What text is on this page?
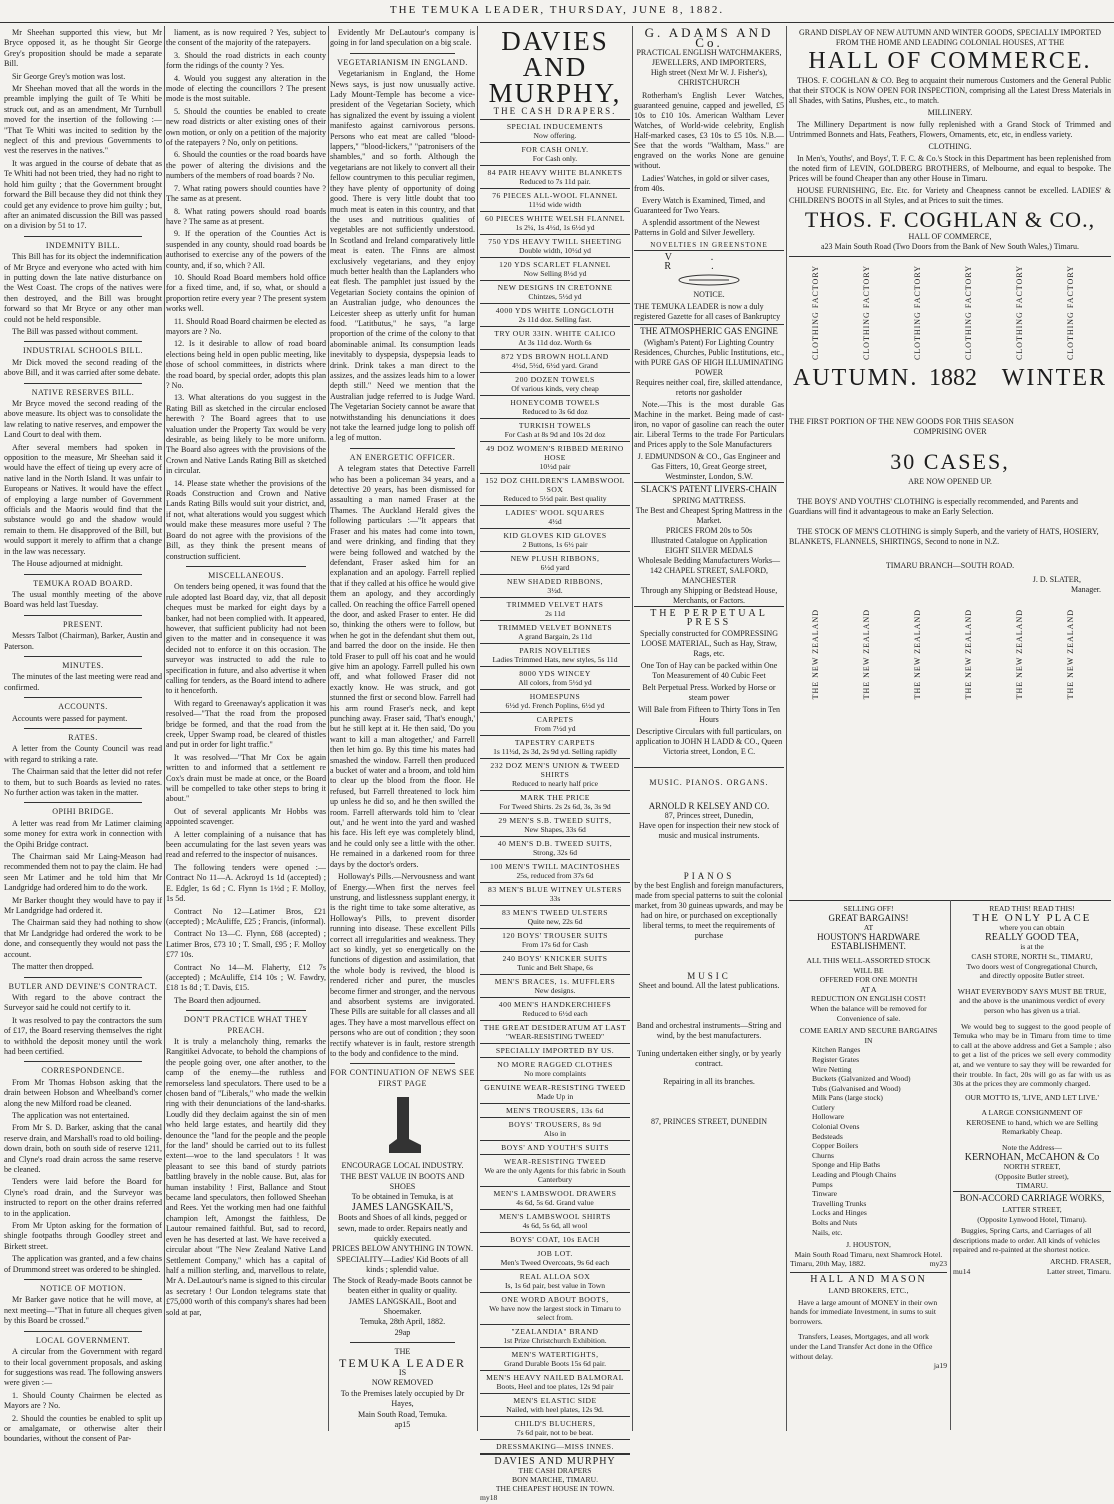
THE TEMUKA LEADER, THURSDAY, JUNE 8, 1882.

Mr Sheehan supported this view, but Mr Bryce opposed it, as he thought Sir George Grey's proposition should be made a separate Bill.

Sir George Grey's motion was lost.

Mr Sheehan moved that all the words in the preamble implying the guilt of Te Whiti be struck out, and as an amendment, Mr Turnbull moved for the insertion of the following :— "That Te Whiti was incited to sedition by the neglect of this and previous Governments to vest the reserves in the natives."

It was argued in the course of debate that as Te Whiti had not been tried, they had no right to hold him guilty ; that the Government brought forward the Bill because they did not think they could get any evidence to prove him guilty ; but, after an animated discussion the Bill was passed on a division by 51 to 17.

INDEMNITY BILL.

This Bill has for its object the indemnification of Mr Bryce and everyone who acted with him in putting down the late native disturbance on the West Coast. The crops of the natives were then destroyed, and the Bill was brought forward so that Mr Bryce or any other man could not be held responsible.

The Bill was passed without comment.

INDUSTRIAL SCHOOLS BILL.

Mr Dick moved the second reading of the above Bill, and it was carried after some debate.

NATIVE RESERVES BILL.

Mr Bryce moved the second reading of the above measure. Its object was to consolidate the law relating to native reserves, and empower the Land Court to deal with them.

After several members had spoken in opposition to the measure, Mr Sheehan said it would have the effect of tieing up every acre of native land in the North Island. It was unfair to Europeans or Natives. It would have the effect of employing a large number of Government officials and the Maoris would find that the substance would go and the shadow would remain to them. He disapproved of the Bill, but would support it merely to affirm that a change in the law was necessary.

The House adjourned at midnight.

TEMUKA ROAD BOARD.

The usual monthly meeting of the above Board was held last Tuesday.

PRESENT.

Messrs Talbot (Chairman), Barker, Austin and Paterson.

MINUTES.

The minutes of the last meeting were read and confirmed.

ACCOUNTS.

Accounts were passed for payment.

RATES.

A letter from the County Council was read with regard to striking a rate.

The Chairman said that the letter did not refer to them, but to such Boards as levied no rates. No further action was taken in the matter.

OPIHI BRIDGE.

A letter was read from Mr Latimer claiming some money for extra work in connection with the Opihi Bridge contract.

The Chairman said Mr Laing-Meason had recommended them not to pay the claim. He had seen Mr Latimer and he told him that Mr Landgridge had ordered him to do the work.

Mr Barker thought they would have to pay if Mr Landgridge had ordered it.

The Chairman said they had nothing to show that Mr Landgridge had ordered the work to be done, and consequently they would not pass the account.

The matter then dropped.

BUTLER AND DEVINE'S CONTRACT.

With regard to the above contract the Surveyor said he could not certify to it.

It was resolved to pay the contractors the sum of £17, the Board reserving themselves the right to withhold the deposit money until the work had been certified.

CORRESPONDENCE.

From Mr Thomas Hobson asking that the drain between Hobson and Wheelband's corner along the new Milford road be cleaned.

The application was not entertained.

From Mr S. D. Barker, asking that the canal reserve drain, and Marshall's road to old boiling-down drain, both on south side of reserve 1211, and Clyne's road drain across the same reserve be cleaned.

Tenders were laid before the Board for Clyne's road drain, and the Surveyor was instructed to report on the other drains referred to in the application.

From Mr Upton asking for the formation of shingle footpaths through Goodley street and Birkett street.

The application was granted, and a few chains of Drummond street was ordered to be shingled.

NOTICE OF MOTION.

Mr Barker gave notice that he will move, at next meeting—"That in future all cheques given by this Board be crossed."

LOCAL GOVERNMENT.

A circular from the Government with regard to their local government proposals, and asking for suggestions was read. The following answers were given :—

1. Should County Chairmen be elected as Mayors are ? No.

2. Should the counties be enabled to split up or amalgamate, or otherwise alter their boundaries, without the consent of Par-

liament, as is now required ? Yes, subject to the consent of the majority of the ratepayers.

3. Should the road districts in each county form the ridings of the county ? Yes.

4. Would you suggest any alteration in the mode of electing the councillors ? The present mode is the most suitable.

5. Should the counties be enabled to create new road districts or alter existing ones of their own motion, or only on a petition of the majority of the ratepayers ? No, only on petitions.

6. Should the counties or the road boards have the power of altering the divisions and the numbers of the members of road boards ? No.

7. What rating powers should counties have ? The same as at present.

8. What rating powers should road boards have ? The same as at present.

9. If the operation of the Counties Act is suspended in any county, should road boards be authorised to exercise any of the powers of the county, and, if so, which ? All.

10. Should Road Board members hold office for a fixed time, and, if so, what, or should a proportion retire every year ? The present system works well.

11. Should Road Board chairmen be elected as mayors are ? No.

12. Is it desirable to allow of road board elections being held in open public meeting, like those of school committees, in districts where the road board, by special order, adopts this plan ? No.

13. What alterations do you suggest in the Rating Bill as sketched in the circular enclosed herewith ? The Board agrees that to use valuation under the Property Tax would be very desirable, as being likely to be more uniform. The Board also agrees with the provisions of the Crown and Native Lands Rating Bill as sketched in circular.

14. Please state whether the provisions of the Roads Construction and Crown and Native Lands Rating Bills would suit your district, and, if not, what alterations would you suggest which would make these measures more useful ? The Board do not agree with the provisions of the Bill, as they think the present means of construction sufficient.

MISCELLANEOUS.

On tenders being opened, it was found that the rule adopted last Board day, viz, that all deposit cheques must be marked for eight days by a banker, had not been complied with. It appeared, however, that sufficient publicity had not been given to the matter and in consequence it was decided not to enforce it on this occasion. The surveyor was instructed to add the rule to specification in future, and also advertise it when calling for tenders, as the Board intend to adhere to it henceforth.

With regard to Greenaway's application it was resolved—"That the road from the proposed bridge be formed, and that the road from the creek, Upper Swamp road, be cleared of thistles and put in order for light traffic."

It was resolved—"That Mr Cox be again written to and informed that a settlement re Cox's drain must be made at once, or the Board will be compelled to take other steps to bring it about."

Out of several applicants Mr Hobbs was appointed scavenger.

A letter complaining of a nuisance that has been accumulating for the last seven years was read and referred to the inspector of nuisances.

The following tenders were opened :— Contract No 11—A. Ackroyd 1s 1d (accepted) ; E. Edgler, 1s 6d ; C. Flynn 1s 1½d ; F. Molloy, 1s 5d.

Contract No 12—Latimer Bros, £21 (accepted) ; McAuliffe, £25 ; Francis, (informal).

Contract No 13—C. Flynn, £68 (accepted) ; Latimer Bros, £73 10 ; T. Small, £95 ; F. Molloy £77 10s.

Contract No 14—M. Flaherty, £12 7s (accepted) ; McAuliffe, £14 10s ; W. Fawdry, £18 1s 8d ; T. Davis, £15.

The Board then adjourned.

DON'T PRACTICE WHAT THEY PREACH.

It is truly a melancholy thing, remarks the Rangitikei Advocate, to behold the champions of the people going over, one after another, to the camp of the enemy—the ruthless and remorseless land speculators. There used to be a chosen band of "Liberals," who made the welkin ring with their denunciations of the land-sharks. Loudly did they declaim against the sin of men who held large estates, and heartily did they denounce the "land for the people and the people for the land" should be carried out to its fullest extent—woe to the land speculators ! It was pleasant to see this band of sturdy patriots battling bravely in the noble cause. But, alas for human instability ! First, Ballance and Stout became land speculators, then followed Sheehan and Rees. Yet the working men had one faithful champion left, Amongst the faithless, De Lautour remained faithful. But, sad to record, even he has deserted at last. We have received a circular about "The New Zealand Native Land Settlement Company," which has a capital of half a million sterling, and, marvellous to relate, Mr A. DeLautour's name is signed to this circular as secretary ! Our London telegrams state that £75,000 worth of this company's shares had been sold at par,

Evidently Mr DeLautour's company is going in for land speculation on a big scale.

VEGETARIANISM IN ENGLAND.

Vegetarianism in England, the Home News says, is just now unusually active. Lady Mount-Temple has become a vice-president of the Vegetarian Society, which has signalized the event by issuing a violent manifesto against carnivorous persons. Persons who eat meat are called "blood-lappers," "blood-lickers," "patronisers of the shambles," and so forth. Although the vegetarians are not likely to convert all their fellow countrymen to this peculiar regimen, they have plenty of opportunity of doing good. There is very little doubt that too much meat is eaten in this country, and that the uses and nutritious qualities of vegetables are not sufficiently understood. In Scotland and Ireland comparatively little meat is eaten. The Finns are almost exclusively vegetarians, and they enjoy much better health than the Laplanders who eat flesh. The pamphlet just issued by the Vegetarian Society contains the opinion of an Australian judge, who denounces the Leicester sheep as utterly unfit for human food. "Latitbutus," he says, "a large proportion of the crime of the colony to that abominable animal. Its consumption leads inevitably to dyspepsia, dyspepsia leads to drink. Drink takes a man direct to the assizes, and the assizes leads him to a lower depth still." Need we mention that the Australian judge referred to is Judge Ward. The Vegetarian Society cannot be aware that notwithstanding his denunciations it does not take the learned judge long to polish off a leg of mutton.

AN ENERGETIC OFFICER.

A telegram states that Detective Farrell who has been a policeman 34 years, and a detective 20 years, has been dismissed for assaulting a man named Fraser at the Thames. The Auckland Herald gives the following particulars :—"It appears that Fraser and his mates had come into town, and were drinking, and finding that they were being followed and watched by the defendant, Fraser asked him for an explanation and an apology. Farrell replied that if they called at his office he would give them an apology, and they accordingly called. On reaching the office Farrell opened the door, and asked Fraser to enter. He did so, thinking the others were to follow, but when he got in the defendant shut them out, and barred the door on the inside. He then told Fraser to pull off his coat and he would give him an apology. Farrell pulled his own off, and what followed Fraser did not exactly know. He was struck, and got stunned the first or second blow. Farrell had his arm round Fraser's neck, and kept punching away. Fraser said, 'That's enough,' but he still kept at it. He then said, 'Do you want to kill a man altogether,' and Farrell then let him go. By this time his mates had smashed the window. Farrell then produced a bucket of water and a broom, and told him to clear up the blood from the floor. He refused, but Farrell threatened to lock him up unless he did so, and he then swilled the room. Farrell afterwards told him to 'clear out,' and he went into the yard and washed his face. His left eye was completely blind, and he could only see a little with the other. He remained in a darkened room for three days by the doctor's orders.

Holloway's Pills.—Nervousness and want of Energy.—When first the nerves feel unstrung, and listlessness supplant energy, it is the right time to take some alterative, as Holloway's Pills, to prevent disorder running into disease. These excellent Pills correct all irregularities and weakness. They act so kindly, yet so energetically on the functions of digestion and assimilation, that the whole body is revived, the blood is rendered richer and purer, the muscles become firmer and stronger, and the nervous and absorbent systems are invigorated. These Pills are suitable for all classes and all ages. They have a most marvellous effect on persons who are out of condition ; they soon rectify whatever is in fault, restore strength to the body and confidence to the mind.

FOR CONTINUATION OF NEWS SEE FIRST PAGE
ENCOURAGE LOCAL INDUSTRY.
THE BEST VALUE IN BOOTS AND SHOES
To be obtained in Temuka, is at
JAMES LANGSKAIL'S,
Boots and Shoes of all kinds, pegged or sewn, made to order. Repairs neatly and quickly executed.
PRICES BELOW ANYTHING IN TOWN.
SPECIALITY—Ladies' Kid Boots of all kinds ; splendid value.
The Stock of Ready-made Boots cannot be beaten either in quality or quality.
JAMES LANGSKAIL, Boot and Shoemaker.
Temuka, 28th April, 1882.
29ap
THE
TEMUKA LEADER
IS
NOW REMOVED
To the Premises lately occupied by Dr Hayes,
Main South Road, Temuka.
ap15
DAVIES AND
MURPHY,
THE CASH DRAPERS.
SPECIAL INDUCEMENTS
Now offering.
FOR CASH ONLY.
For Cash only.
84 PAIR HEAVY WHITE BLANKETS
Reduced to 7s 11d pair.
76 PIECES ALL-WOOL FLANNEL
11½d wide width
60 PIECES WHITE WELSH FLANNEL
1s 2¼, 1s 4½d, 1s 6½d yd
750 YDS HEAVY TWILL SHEETING
Double width, 10½d yd
120 YDS SCARLET FLANNEL
Now Selling 8½d yd
NEW DESIGNS IN CRETONNE
Chintzes, 5½d yd
4000 YDS WHITE LONGCLOTH
2s 11d doz. Selling fast.
TRY OUR 33IN. WHITE CALICO
At 3s 11d doz. Worth 6s
872 YDS BROWN HOLLAND
4½d, 5½d, 6½d yard. Grand
200 DOZEN TOWELS
Of various kinds, very cheap
HONEYCOMB TOWELS
Reduced to 3s 6d doz
TURKISH TOWELS
For Cash at 8s 9d and 10s 2d doz
49 DOZ WOMEN'S RIBBED MERINO HOSE
10½d pair
152 DOZ CHILDREN'S LAMBSWOOL SOX
Reduced to 5½d pair. Best quality
LADIES' WOOL SQUARES
4½d
KID GLOVES KID GLOVES
2 Buttons, 1s 6½ pair
NEW PLUSH RIBBONS,
6½d yard
NEW SHADED RIBBONS,
3½d.
TRIMMED VELVET HATS
2s 11d
TRIMMED VELVET BONNETS
A grand Bargain, 2s 11d
PARIS NOVELTIES
Ladies Trimmed Hats, new styles, 5s 11d
8000 YDS WINCEY
All colors, from 5½d yd
HOMESPUNS
6½d yd. French Poplins, 6½d yd
CARPETS
From 7½d yd
TAPESTRY CARPETS
1s 11½d, 2s 3d, 2s 9d yd. Selling rapidly
232 DOZ MEN'S UNION & TWEED SHIRTS
Reduced to nearly half price
MARK THE PRICE
For Tweed Shirts. 2s 2s 6d, 3s, 3s 9d
29 MEN'S S.B. TWEED SUITS,
New Shapes, 33s 6d
40 MEN'S D.B. TWEED SUITS,
Strong, 32s 6d
100 MEN'S TWILL MACINTOSHES
25s, reduced from 37s 6d
83 MEN'S BLUE WITNEY ULSTERS
33s
83 MEN'S TWEED ULSTERS
Quite new, 22s 6d
120 BOYS' TROUSER SUITS
From 17s 6d for Cash
240 BOYS' KNICKER SUITS
Tunic and Belt Shape, 6s
MEN'S BRACES, 1s. MUFFLERS
New designs.
400 MEN'S HANDKERCHIEFS
Reduced to 6½d each
THE GREAT DESIDERATUM AT LAST
"WEAR-RESISTING TWEED"
SPECIALLY IMPORTED BY US.
NO MORE RAGGED CLOTHES
No more complaints
GENUINE WEAR-RESISTING TWEED
Made Up in
MEN'S TROUSERS, 13s 6d
BOYS' TROUSERS, 8s 9d
Also in
BOYS' AND YOUTH'S SUITS
WEAR-RESISTING TWEED
We are the only Agents for this fabric in South Canterbury
MEN'S LAMBSWOOL DRAWERS
4s 6d, 5s 6d. Grand value
MEN'S LAMBSWOOL SHIRTS
4s 6d, 5s 6d, all wool
BOYS' COAT, 10s EACH
JOB LOT.
Men's Tweed Overcoats, 9s 6d each
REAL ALLOA SOX
Is, 1s 6d pair, best value in Town
ONE WORD ABOUT BOOTS,
We have now the largest stock in Timaru to select from.
"ZEALANDIA" BRAND
1st Prize Christchurch Exhibition.
MEN'S WATERTIGHTS,
Grand Durable Boots 15s 6d pair.
MEN'S HEAVY NAILED BALMORAL
Boots, Heel and toe plates, 12s 9d pair
MEN'S ELASTIC SIDE
Nailed, with heel plates, 12s 9d.
CHILD'S BLUCHERS,
7s 6d pair, not to be beat.
DRESSMAKING—MISS INNES.
DAVIES AND MURPHY
THE CASH DRAPERS
BON MARCHE, TIMARU.
THE CHEAPEST HOUSE IN TOWN.
my18
G. ADAMS AND Co.
PRACTICAL ENGLISH WATCHMAKERS, JEWELLERS, AND IMPORTERS,
High street (Next Mr W. J. Fisher's), CHRISTCHURCH

Rotherham's English Lever Watches, guaranteed genuine, capped and jewelled, £5 10s to £10 10s. American Waltham Lever Watches, of World-wide celebrity, English Half-marked cases, £3 10s to £5 10s. N.B.—See that the words "Waltham, Mass." are engraved on the works None are genuine without.

Ladies' Watches, in gold or silver cases, from 40s.

Every Watch is Examined, Timed, and Guaranteed for Two Years.

A splendid assortment of the Newest Patterns in Gold and Silver Jewellery.

NOVELTIES IN GREENSTONE
V. R.
NOTICE.

THE TEMUKA LEADER is now a duly registered Gazette for all cases of Bankruptcy

THE ATMOSPHERIC GAS ENGINE
(Wigham's Patent) For Lighting Country Residences, Churches, Public Institutions, etc., with PURE GAS OF HIGH ILLUMINATING POWER
Requires neither coal, fire, skilled attendance, retorts nor gasholder

Note.—This is the most durable Gas Machine in the market. Being made of cast-iron, no vapor of gasoline can reach the outer air. Liberal Terms to the trade For Particulars and Prices apply to the Sole Manufacturers

J. EDMUNDSON & CO., Gas Engineer and Gas Fitters, 10, Great George street, Westminster, London, S.W.
SLACK'S PATENT LIVERS-CHAIN
SPRING MATTRESS.
The Best and Cheapest Spring Mattress in the Market.
PRICES FROM 20s to 50s
Illustrated Catalogue on Application
EIGHT SILVER MEDALS
Wholesale Bedding Manufacturers Works— 142 CHAPEL STREET, SALFORD, MANCHESTER
Through any Shipping or Bedstead House, Merchants, or Factors.
THE PERPETUAL PRESS
Specially constructed for COMPRESSING LOOSE MATERIAL, Such as Hay, Straw, Rags, etc.
One Ton of Hay can be packed within One Ton Measurement of 40 Cubic Feet
Belt Perpetual Press. Worked by Horse or steam power
Will Bale from Fifteen to Thirty Tons in Ten Hours
Descriptive Circulars with full particulars, on application to JOHN H LADD & CO., Queen Victoria street, London, E C.
MUSIC. PIANOS. ORGANS.
ARNOLD R KELSEY AND CO.
87, Princes street, Dunedin,
Have open for inspection their new stock of music and musical instruments.
PIANOS
by the best English and foreign manufacturers, made from special patterns to suit the colonial market, from 30 guineas upwards, and may be had on hire, or purchased on exceptionally liberal terms, to meet the requirements of purchase
MUSIC
Sheet and bound. All the latest publications.
Band and orchestral instruments—String and wind, by the best manufacturers.
Tuning undertaken either singly, or by yearly contract.
Repairing in all its branches.
87, PRINCES STREET, DUNEDIN
GRAND DISPLAY OF NEW AUTUMN AND WINTER GOODS, SPECIALLY IMPORTED FROM THE HOME AND LEADING COLONIAL HOUSES, AT THE
HALL OF COMMERCE.

THOS. F. COGHLAN & CO. Beg to acquaint their numerous Customers and the General Public that their STOCK is NOW OPEN FOR INSPECTION, comprising all the Latest Dress Materials in all Shades, with Satins, Plushes, etc., to match.

MILLINERY.

The Millinery Department is now fully replenished with a Grand Stock of Trimmed and Untrimmed Bonnets and Hats, Feathers, Flowers, Ornaments, etc, etc, in endless variety.

CLOTHING.

In Men's, Youths', and Boys', T. F. C. & Co.'s Stock in this Department has been replenished from the noted firm of LEVIN, GOLDBERG BROTHERS, of Melbourne, and equal to bespoke. The Prices will be found Cheaper than any other House in Timaru.

HOUSE FURNISHING, Etc. Etc. for Variety and Cheapness cannot be excelled. LADIES' & CHILDREN'S BOOTS in all Styles, and at Prices to suit the times.

THOS. F. COGHLAN & CO.,
HALL OF COMMERCE,
a23 Main South Road (Two Doors from the Bank of New South Wales,) Timaru.
CLOTHING FACTORY	CLOTHING FACTORY	CLOTHING FACTORY	CLOTHING FACTORY	CLOTHING FACTORY	CLOTHING FACTORY
AUTUMN. 1882 WINTER
THE FIRST PORTION OF THE NEW GOODS FOR THIS SEASON
COMPRISING OVER
30 CASES,
ARE NOW OPENED UP.

THE BOYS' AND YOUTHS' CLOTHING is especially recommended, and Parents and Guardians will find it advantageous to make an Early Selection.

THE STOCK OF MEN'S CLOTHING is simply Superb, and the variety of HATS, HOSIERY, BLANKETS, FLANNELS, SHIRTINGS, Second to none in N.Z.

TIMARU BRANCH—SOUTH ROAD.
J. D. SLATER,
Manager.
THE NEW ZEALAND	THE NEW ZEALAND	THE NEW ZEALAND	THE NEW ZEALAND	THE NEW ZEALAND	THE NEW ZEALAND
SELLING OFF!
GREAT BARGAINS!
AT
HOUSTON'S HARDWARE ESTABLISHMENT.
ALL THIS WELL-ASSORTED STOCK
WILL BE
OFFERED FOR ONE MONTH
AT A
REDUCTION ON ENGLISH COST!
When the balance will be removed for Convenience of sale.
COME EARLY AND SECURE BARGAINS
IN
Kitchen Ranges
Register Grates
Wire Netting
Buckets (Galvanized and Wood)
Tubs (Galvanised and Wood)
Milk Pans (large stock)
Cutlery
Holloware
Colonial Ovens
Bedsteads
Copper Boilers
Churns
Sponge and Hip Baths
Leading and Plough Chains
Pumps
Tinware
Travelling Trunks
Locks and Hinges
Bolts and Nuts
Nails, etc.
J. HOUSTON,
Main South Road Timaru, next Shamrock Hotel.
Timaru, 20th May, 1882.	my23
HALL AND MASON
LAND BROKERS, ETC.,

Have a large amount of MONEY in their own hands for immediate Investment, in sums to suit borrowers.

Transfers, Leases, Mortgages, and all work under the Land Transfer Act done in the Office without delay.

ja19
READ THIS! READ THIS!
THE ONLY PLACE
where you can obtain
REALLY GOOD TEA,
is at the
CASH STORE, NORTH St., TIMARU,
Two doors west of Congregational Church,
and directly opposite Butler street.
WHAT EVERYBODY SAYS MUST BE TRUE,
and the above is the unanimous verdict of every person who has given us a trial.

We would beg to suggest to the good people of Temuka who may be in Timaru from time to time to call at the above address and Get a Sample ; also to get a list of the prices we sell every commodity at, and we venture to say they will be rewarded for their trouble. In fact, 20s will go as far with us as 30s at the prices they are commonly charged.

OUR MOTTO IS, 'LIVE, AND LET LIVE.'
A LARGE CONSIGNMENT OF
KEROSENE to hand, which we are Selling Remarkably Cheap.
Note the Address—
KERNOHAN, McCAHON & Co
NORTH STREET,
(Opposite Butler street),
TIMARU.
BON-ACCORD CARRIAGE WORKS,
LATTER STREET,
(Opposite Lynwood Hotel, Timaru).

Buggies, Spring Carts, and Carriages of all descriptions made to order. All kinds of vehicles repaired and re-painted at the shortest notice.

ARCHD. FRASER,
mu14	Latter street, Timaru.
